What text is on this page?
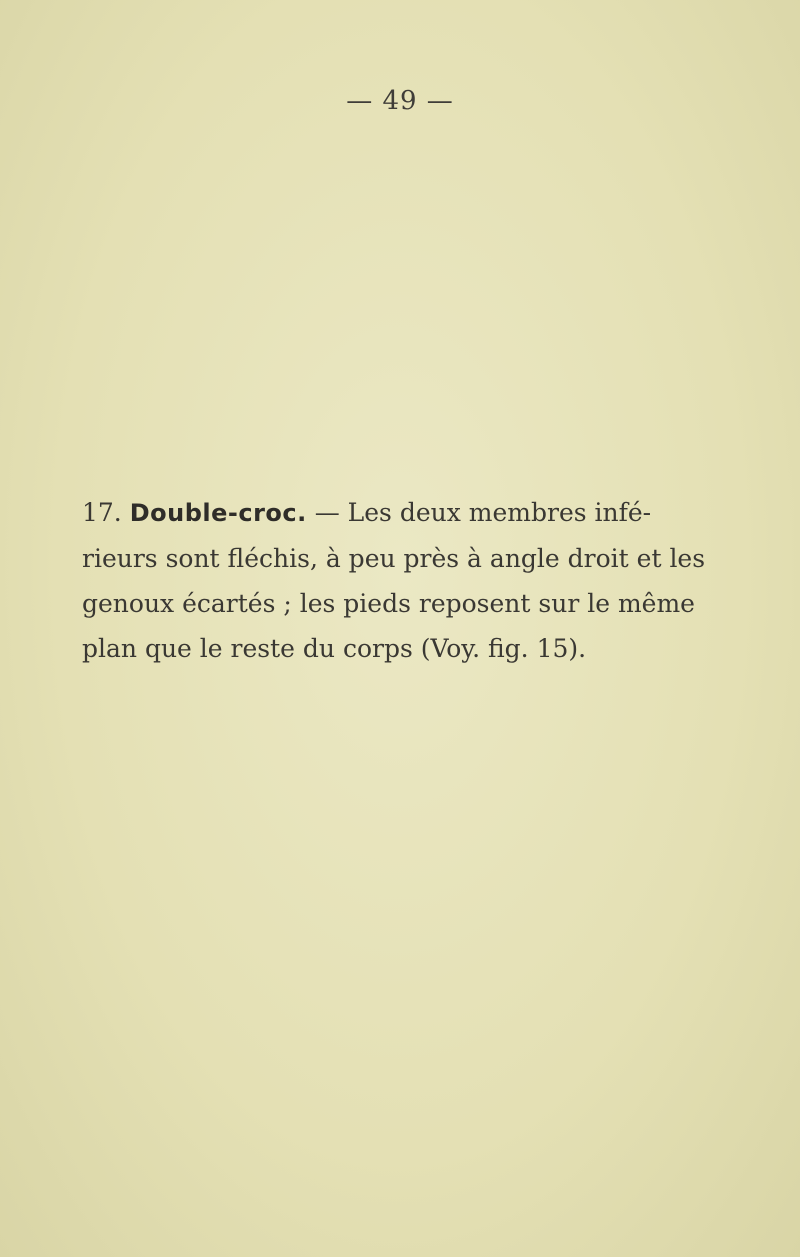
— 49 —
17. Double-croc. — Les deux membres infé-
rieurs sont fléchis, à peu près à angle droit et les
genoux écartés ; les pieds reposent sur le même
plan que le reste du corps (Voy. fig. 15).
